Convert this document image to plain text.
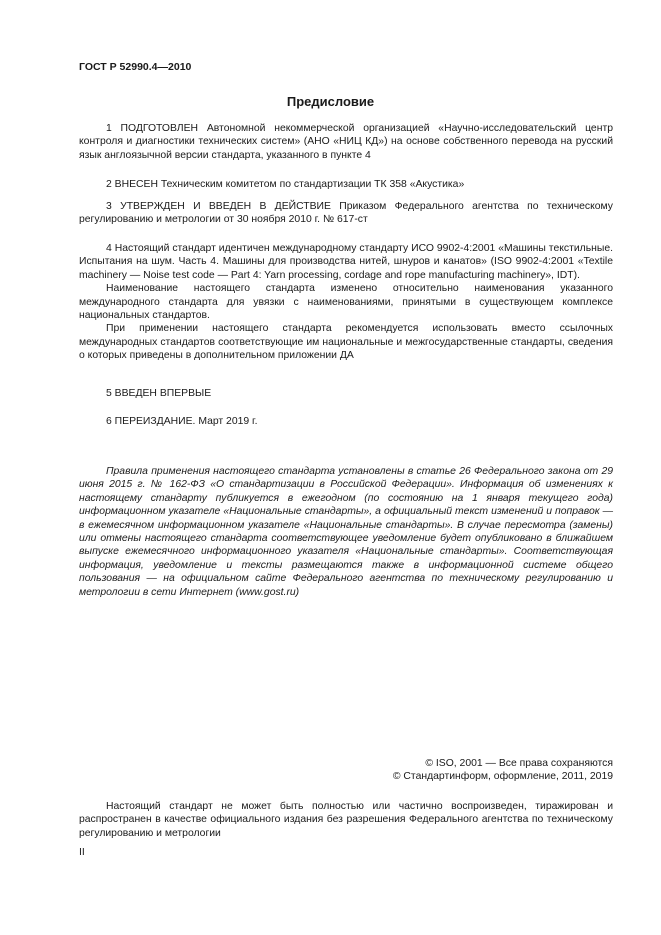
ГОСТ Р 52990.4—2010
Предисловие

1 ПОДГОТОВЛЕН Автономной некоммерческой организацией «Научно-исследовательский центр контроля и диагностики технических систем» (АНО «НИЦ КД») на основе собственного перевода на русский язык англоязычной версии стандарта, указанного в пункте 4

2 ВНЕСЕН Техническим комитетом по стандартизации ТК 358 «Акустика»

3 УТВЕРЖДЕН И ВВЕДЕН В ДЕЙСТВИЕ Приказом Федерального агентства по техническому регулированию и метрологии от 30 ноября 2010 г. № 617-ст

4 Настоящий стандарт идентичен международному стандарту ИСО 9902-4:2001 «Машины текстильные. Испытания на шум. Часть 4. Машины для производства нитей, шнуров и канатов» (ISO 9902-4:2001 «Textile machinery — Noise test code — Part 4: Yarn processing, cordage and rope manufacturing machinery», IDT).

Наименование настоящего стандарта изменено относительно наименования указанного международного стандарта для увязки с наименованиями, принятыми в существующем комплексе национальных стандартов.

При применении настоящего стандарта рекомендуется использовать вместо ссылочных международных стандартов соответствующие им национальные и межгосударственные стандарты, сведения о которых приведены в дополнительном приложении ДА

5 ВВЕДЕН ВПЕРВЫЕ

6 ПЕРЕИЗДАНИЕ. Март 2019 г.

Правила применения настоящего стандарта установлены в статье 26 Федерального закона от 29 июня 2015 г. № 162-ФЗ «О стандартизации в Российской Федерации». Информация об изменениях к настоящему стандарту публикуется в ежегодном (по состоянию на 1 января текущего года) информационном указателе «Национальные стандарты», а официальный текст изменений и поправок — в ежемесячном информационном указателе «Национальные стандарты». В случае пересмотра (замены) или отмены настоящего стандарта соответствующее уведомление будет опубликовано в ближайшем выпуске ежемесячного информационного указателя «Национальные стандарты». Соответствующая информация, уведомление и тексты размещаются также в информационной системе общего пользования — на официальном сайте Федерального агентства по техническому регулированию и метрологии в сети Интернет (www.gost.ru)

© ISO, 2001 — Все права сохраняются

© Стандартинформ, оформление, 2011, 2019

Настоящий стандарт не может быть полностью или частично воспроизведен, тиражирован и распространен в качестве официального издания без разрешения Федерального агентства по техническому регулированию и метрологии

II
